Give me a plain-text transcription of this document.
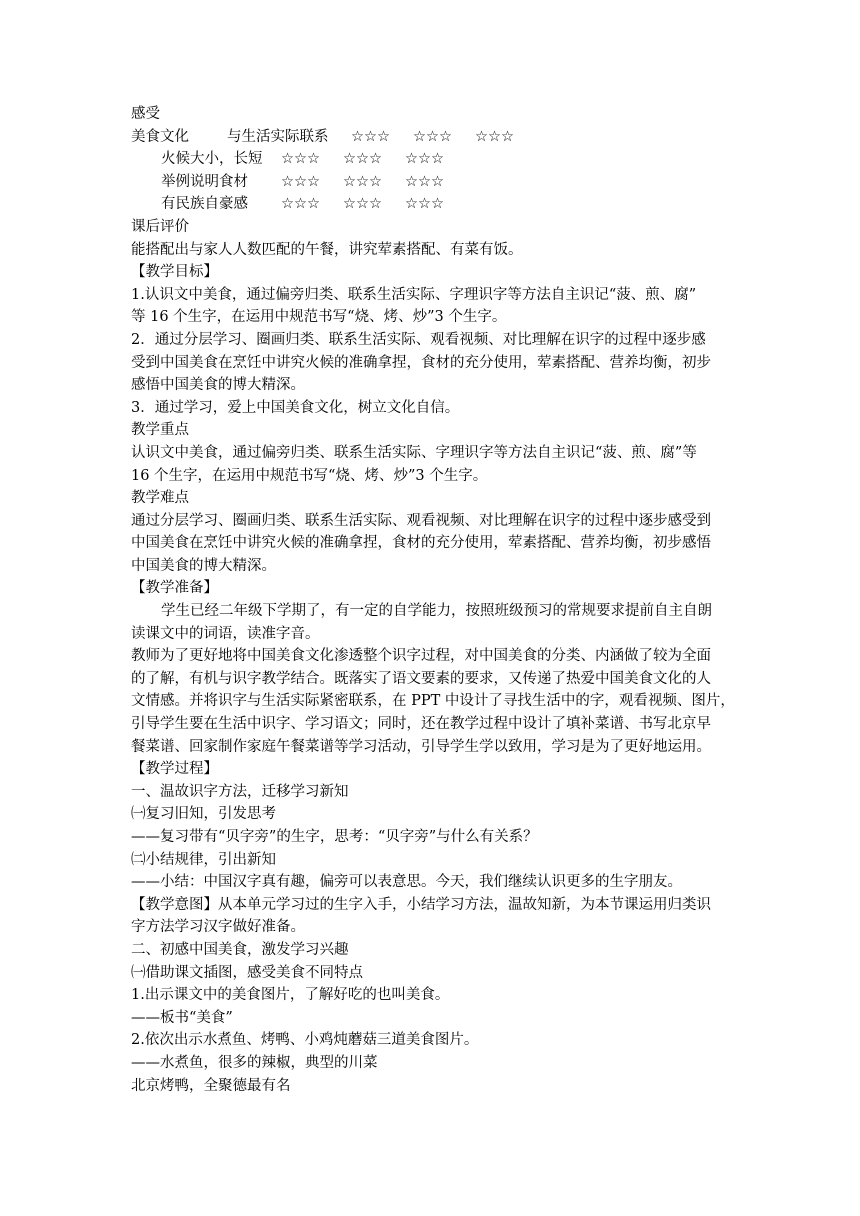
感受
美食文化	与生活实际联系 ☆☆☆ ☆☆☆ ☆☆☆
火候大小，长短 ☆☆☆ ☆☆☆ ☆☆☆
举例说明食材 ☆☆☆ ☆☆☆ ☆☆☆
有民族自豪感 ☆☆☆ ☆☆☆ ☆☆☆
课后评价
能搭配出与家人人数匹配的午餐，讲究荤素搭配、有菜有饭。
【教学目标】
1.认识文中美食，通过偏旁归类、联系生活实际、字理识字等方法自主识记“菠、煎、腐”
等 16 个生字，在运用中规范书写“烧、烤、炒”3 个生字。
2．通过分层学习、圈画归类、联系生活实际、观看视频、对比理解在识字的过程中逐步感
受到中国美食在烹饪中讲究火候的准确拿捏，食材的充分使用，荤素搭配、营养均衡，初步
感悟中国美食的博大精深。
3．通过学习，爱上中国美食文化，树立文化自信。
教学重点
认识文中美食，通过偏旁归类、联系生活实际、字理识字等方法自主识记“菠、煎、腐”等
16 个生字，在运用中规范书写“烧、烤、炒”3 个生字。
教学难点
通过分层学习、圈画归类、联系生活实际、观看视频、对比理解在识字的过程中逐步感受到
中国美食在烹饪中讲究火候的准确拿捏，食材的充分使用，荤素搭配、营养均衡，初步感悟
中国美食的博大精深。
【教学准备】
学生已经二年级下学期了，有一定的自学能力，按照班级预习的常规要求提前自主自朗
读课文中的词语，读准字音。
教师为了更好地将中国美食文化渗透整个识字过程，对中国美食的分类、内涵做了较为全面
的了解，有机与识字教学结合。既落实了语文要素的要求，又传递了热爱中国美食文化的人
文情感。并将识字与生活实际紧密联系，在 PPT 中设计了寻找生活中的字，观看视频、图片，
引导学生要在生活中识字、学习语文；同时，还在教学过程中设计了填补菜谱、书写北京早
餐菜谱、回家制作家庭午餐菜谱等学习活动，引导学生学以致用，学习是为了更好地运用。
【教学过程】
一、温故识字方法，迁移学习新知
㈠复习旧知，引发思考
——复习带有“贝字旁”的生字，思考：“贝字旁”与什么有关系？
㈡小结规律，引出新知
——小结：中国汉字真有趣，偏旁可以表意思。今天，我们继续认识更多的生字朋友。
【教学意图】从本单元学习过的生字入手，小结学习方法，温故知新，为本节课运用归类识
字方法学习汉字做好准备。
二、初感中国美食，激发学习兴趣
㈠借助课文插图，感受美食不同特点
1.出示课文中的美食图片，了解好吃的也叫美食。
——板书“美食”
2.依次出示水煮鱼、烤鸭、小鸡炖蘑菇三道美食图片。
——水煮鱼，很多的辣椒，典型的川菜
北京烤鸭，全聚德最有名
